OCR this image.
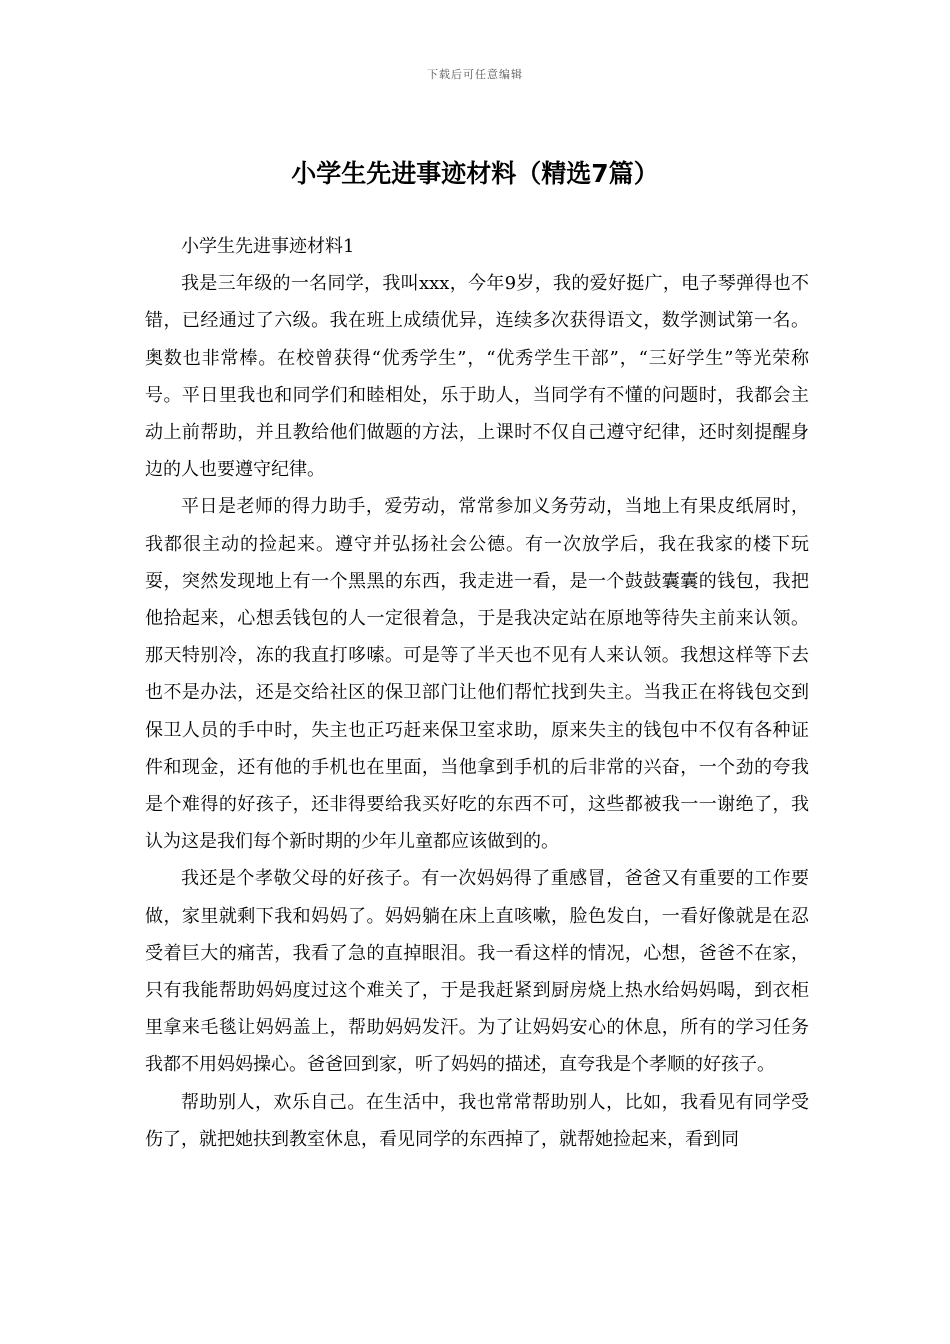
下载后可任意编辑
小学生先进事迹材料（精选7篇）

小学生先进事迹材料1

我是三年级的一名同学，我叫xxx，今年9岁，我的爱好挺广，电子琴弹得也不错，已经通过了六级。我在班上成绩优异，连续多次获得语文，数学测试第一名。奥数也非常棒。在校曾获得“优秀学生”，“优秀学生干部”，“三好学生”等光荣称号。平日里我也和同学们和睦相处，乐于助人，当同学有不懂的问题时，我都会主动上前帮助，并且教给他们做题的方法，上课时不仅自己遵守纪律，还时刻提醒身边的人也要遵守纪律。

平日是老师的得力助手，爱劳动，常常参加义务劳动，当地上有果皮纸屑时，我都很主动的捡起来。遵守并弘扬社会公德。有一次放学后，我在我家的楼下玩耍，突然发现地上有一个黑黑的东西，我走进一看，是一个鼓鼓囊囊的钱包，我把他拾起来，心想丢钱包的人一定很着急，于是我决定站在原地等待失主前来认领。那天特别冷，冻的我直打哆嗦。可是等了半天也不见有人来认领。我想这样等下去也不是办法，还是交给社区的保卫部门让他们帮忙找到失主。当我正在将钱包交到保卫人员的手中时，失主也正巧赶来保卫室求助，原来失主的钱包中不仅有各种证件和现金，还有他的手机也在里面，当他拿到手机的后非常的兴奋，一个劲的夸我是个难得的好孩子，还非得要给我买好吃的东西不可，这些都被我一一谢绝了，我认为这是我们每个新时期的少年儿童都应该做到的。

我还是个孝敬父母的好孩子。有一次妈妈得了重感冒，爸爸又有重要的工作要做，家里就剩下我和妈妈了。妈妈躺在床上直咳嗽，脸色发白，一看好像就是在忍受着巨大的痛苦，我看了急的直掉眼泪。我一看这样的情况，心想，爸爸不在家，只有我能帮助妈妈度过这个难关了，于是我赶紧到厨房烧上热水给妈妈喝，到衣柜里拿来毛毯让妈妈盖上，帮助妈妈发汗。为了让妈妈安心的休息，所有的学习任务我都不用妈妈操心。爸爸回到家，听了妈妈的描述，直夸我是个孝顺的好孩子。

帮助别人，欢乐自己。在生活中，我也常常帮助别人，比如，我看见有同学受伤了，就把她扶到教室休息，看见同学的东西掉了，就帮她捡起来，看到同
